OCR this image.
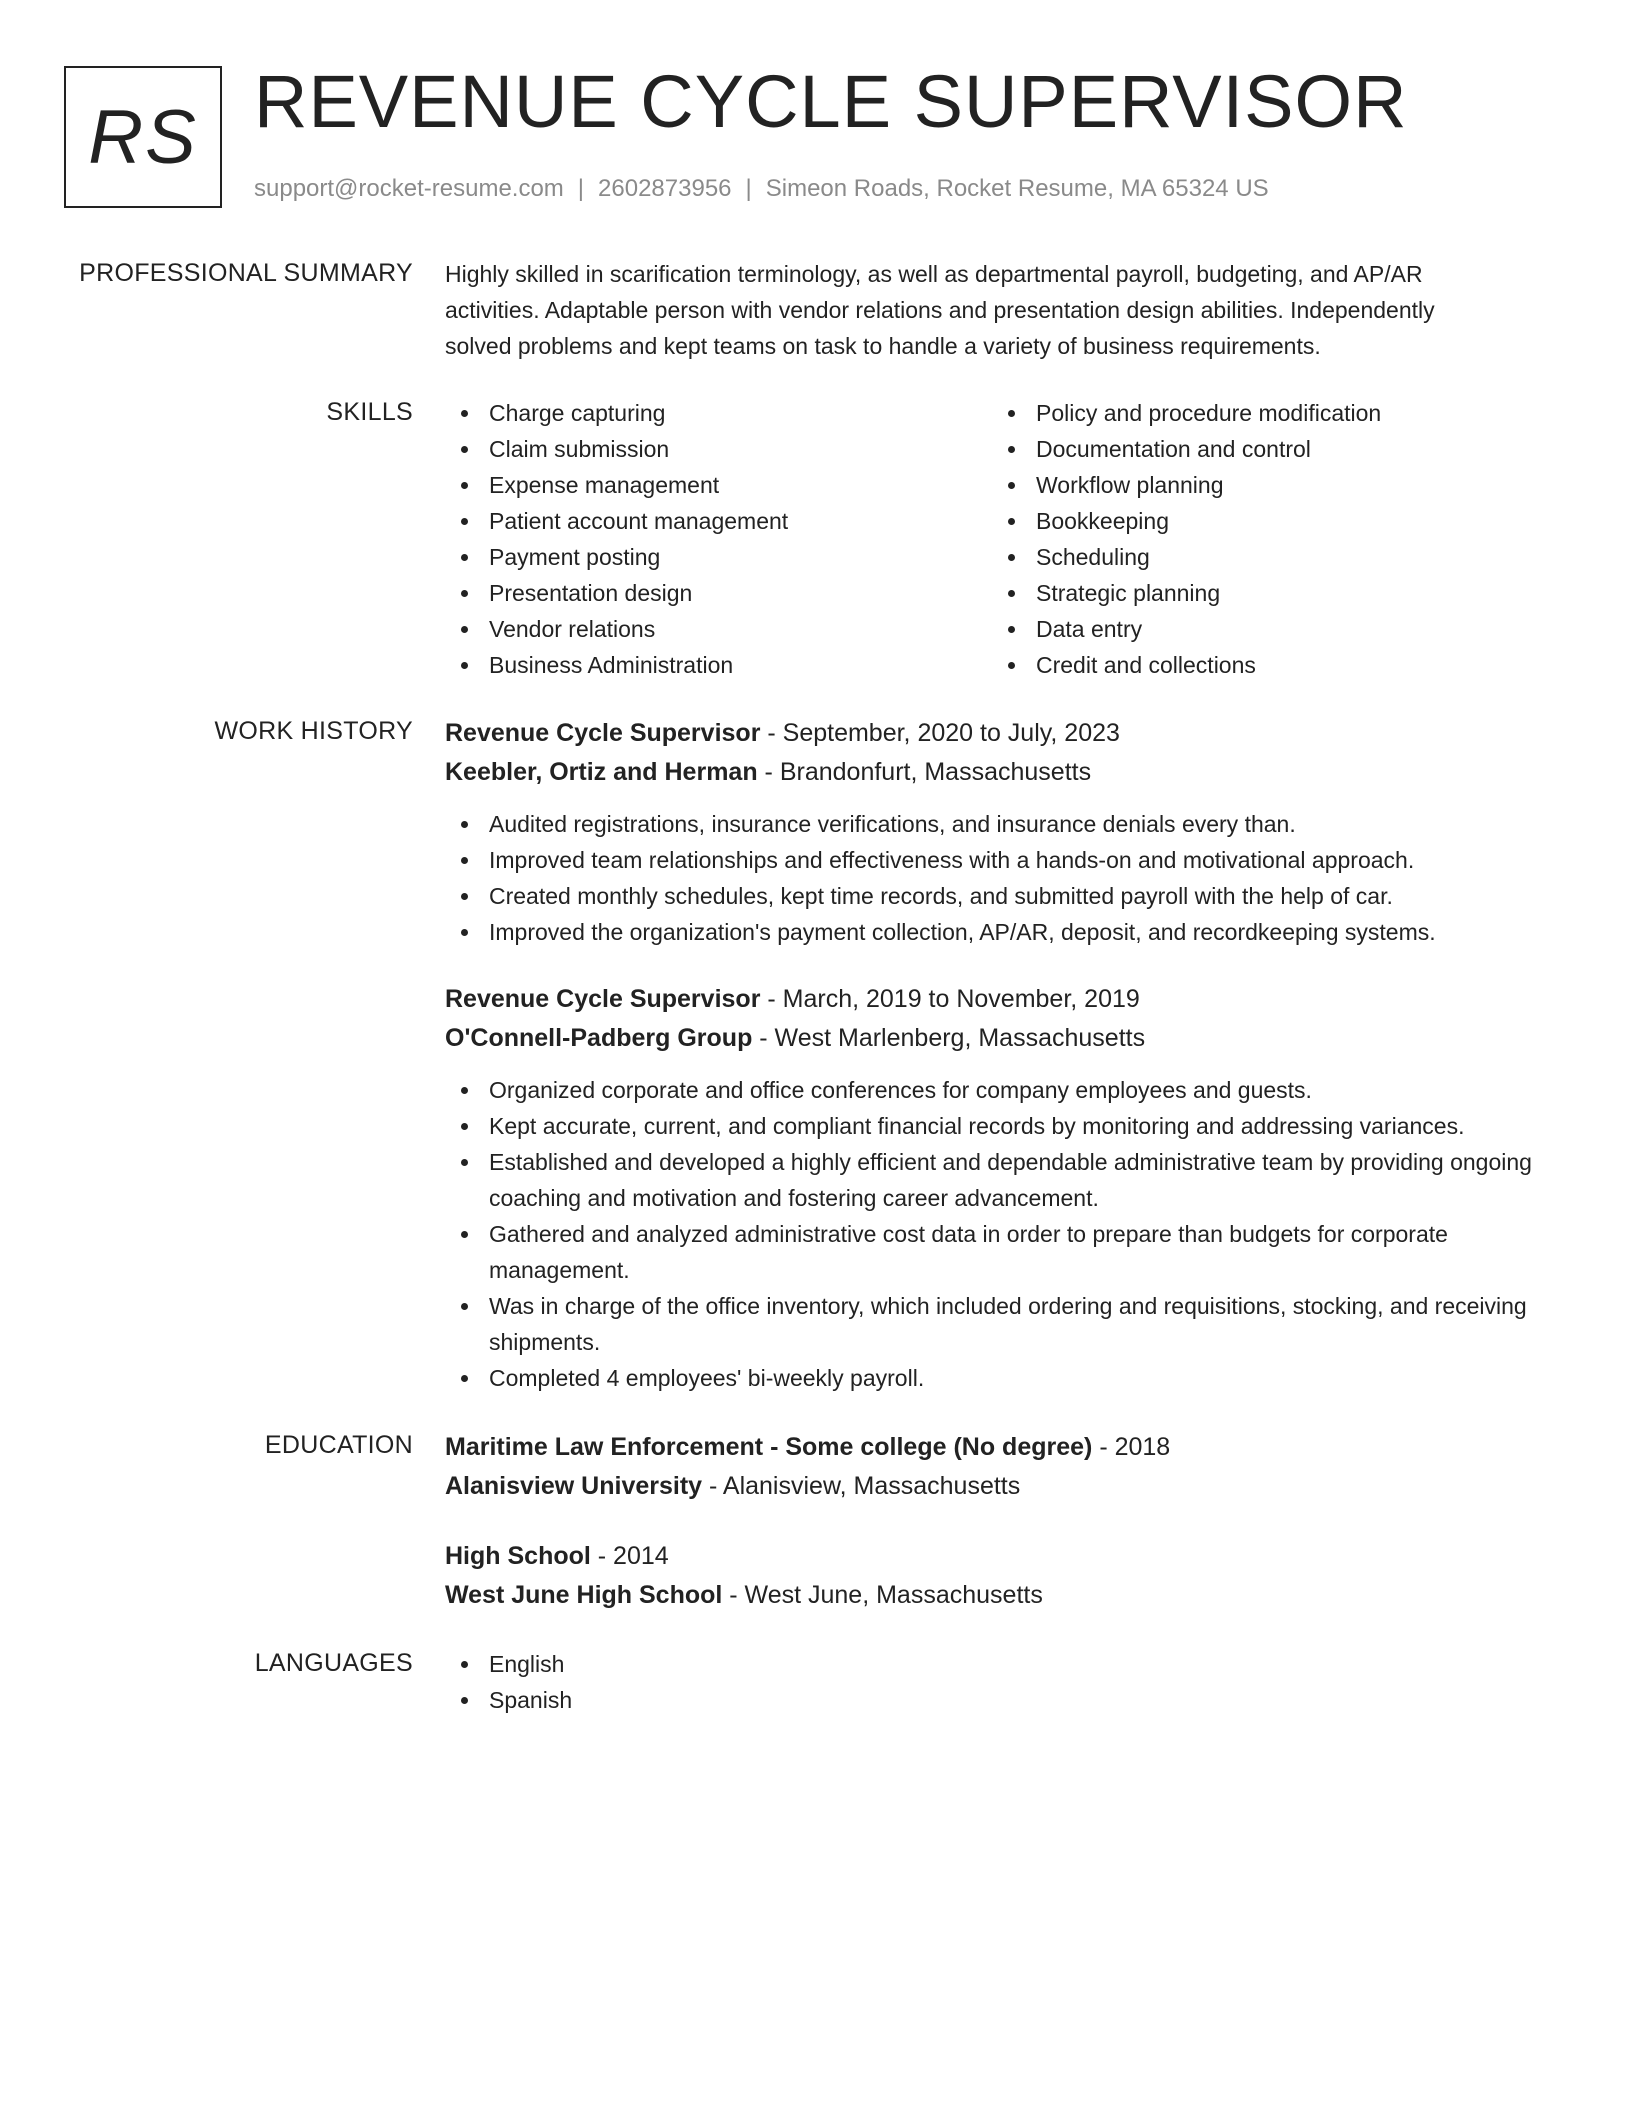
RS REVENUE CYCLE SUPERVISOR
support@rocket-resume.com | 2602873956 | Simeon Roads, Rocket Resume, MA 65324 US
PROFESSIONAL SUMMARY Highly skilled in scarification terminology, as well as departmental payroll, budgeting, and AP/AR
activities. Adaptable person with vendor relations and presentation design abilities. Independently
solved problems and kept teams on task to handle a variety of business requirements.
SKILLS	Charge capturing
Claim submission
Expense management
Patient account management
Payment posting
Presentation design
Vendor relations
Business Administration
Policy and procedure modification
Documentation and control
Workflow planning
Bookkeeping
Scheduling
Strategic planning
Data entry
Credit and collections
WORK HISTORY Revenue Cycle Supervisor - September, 2020 to July, 2023
Keebler, Ortiz and Herman - Brandonfurt, Massachusetts
Audited registrations, insurance verifications, and insurance denials every than.
Improved team relationships and effectiveness with a hands-on and motivational approach.
Created monthly schedules, kept time records, and submitted payroll with the help of car.
Improved the organization's payment collection, AP/AR, deposit, and recordkeeping systems.
Revenue Cycle Supervisor - March, 2019 to November, 2019
O'Connell-Padberg Group - West Marlenberg, Massachusetts
Organized corporate and office conferences for company employees and guests.
Kept accurate, current, and compliant financial records by monitoring and addressing variances.
Established and developed a highly efficient and dependable administrative team by providing ongoing coaching and motivation and fostering career advancement.
Gathered and analyzed administrative cost data in order to prepare than budgets for corporate management.
Was in charge of the office inventory, which included ordering and requisitions, stocking, and receiving shipments.
Completed 4 employees' bi-weekly payroll.
EDUCATION Maritime Law Enforcement - Some college (No degree) - 2018
Alanisview University - Alanisview, Massachusetts
High School - 2014
West June High School - West June, Massachusetts
LANGUAGES	English
Spanish
